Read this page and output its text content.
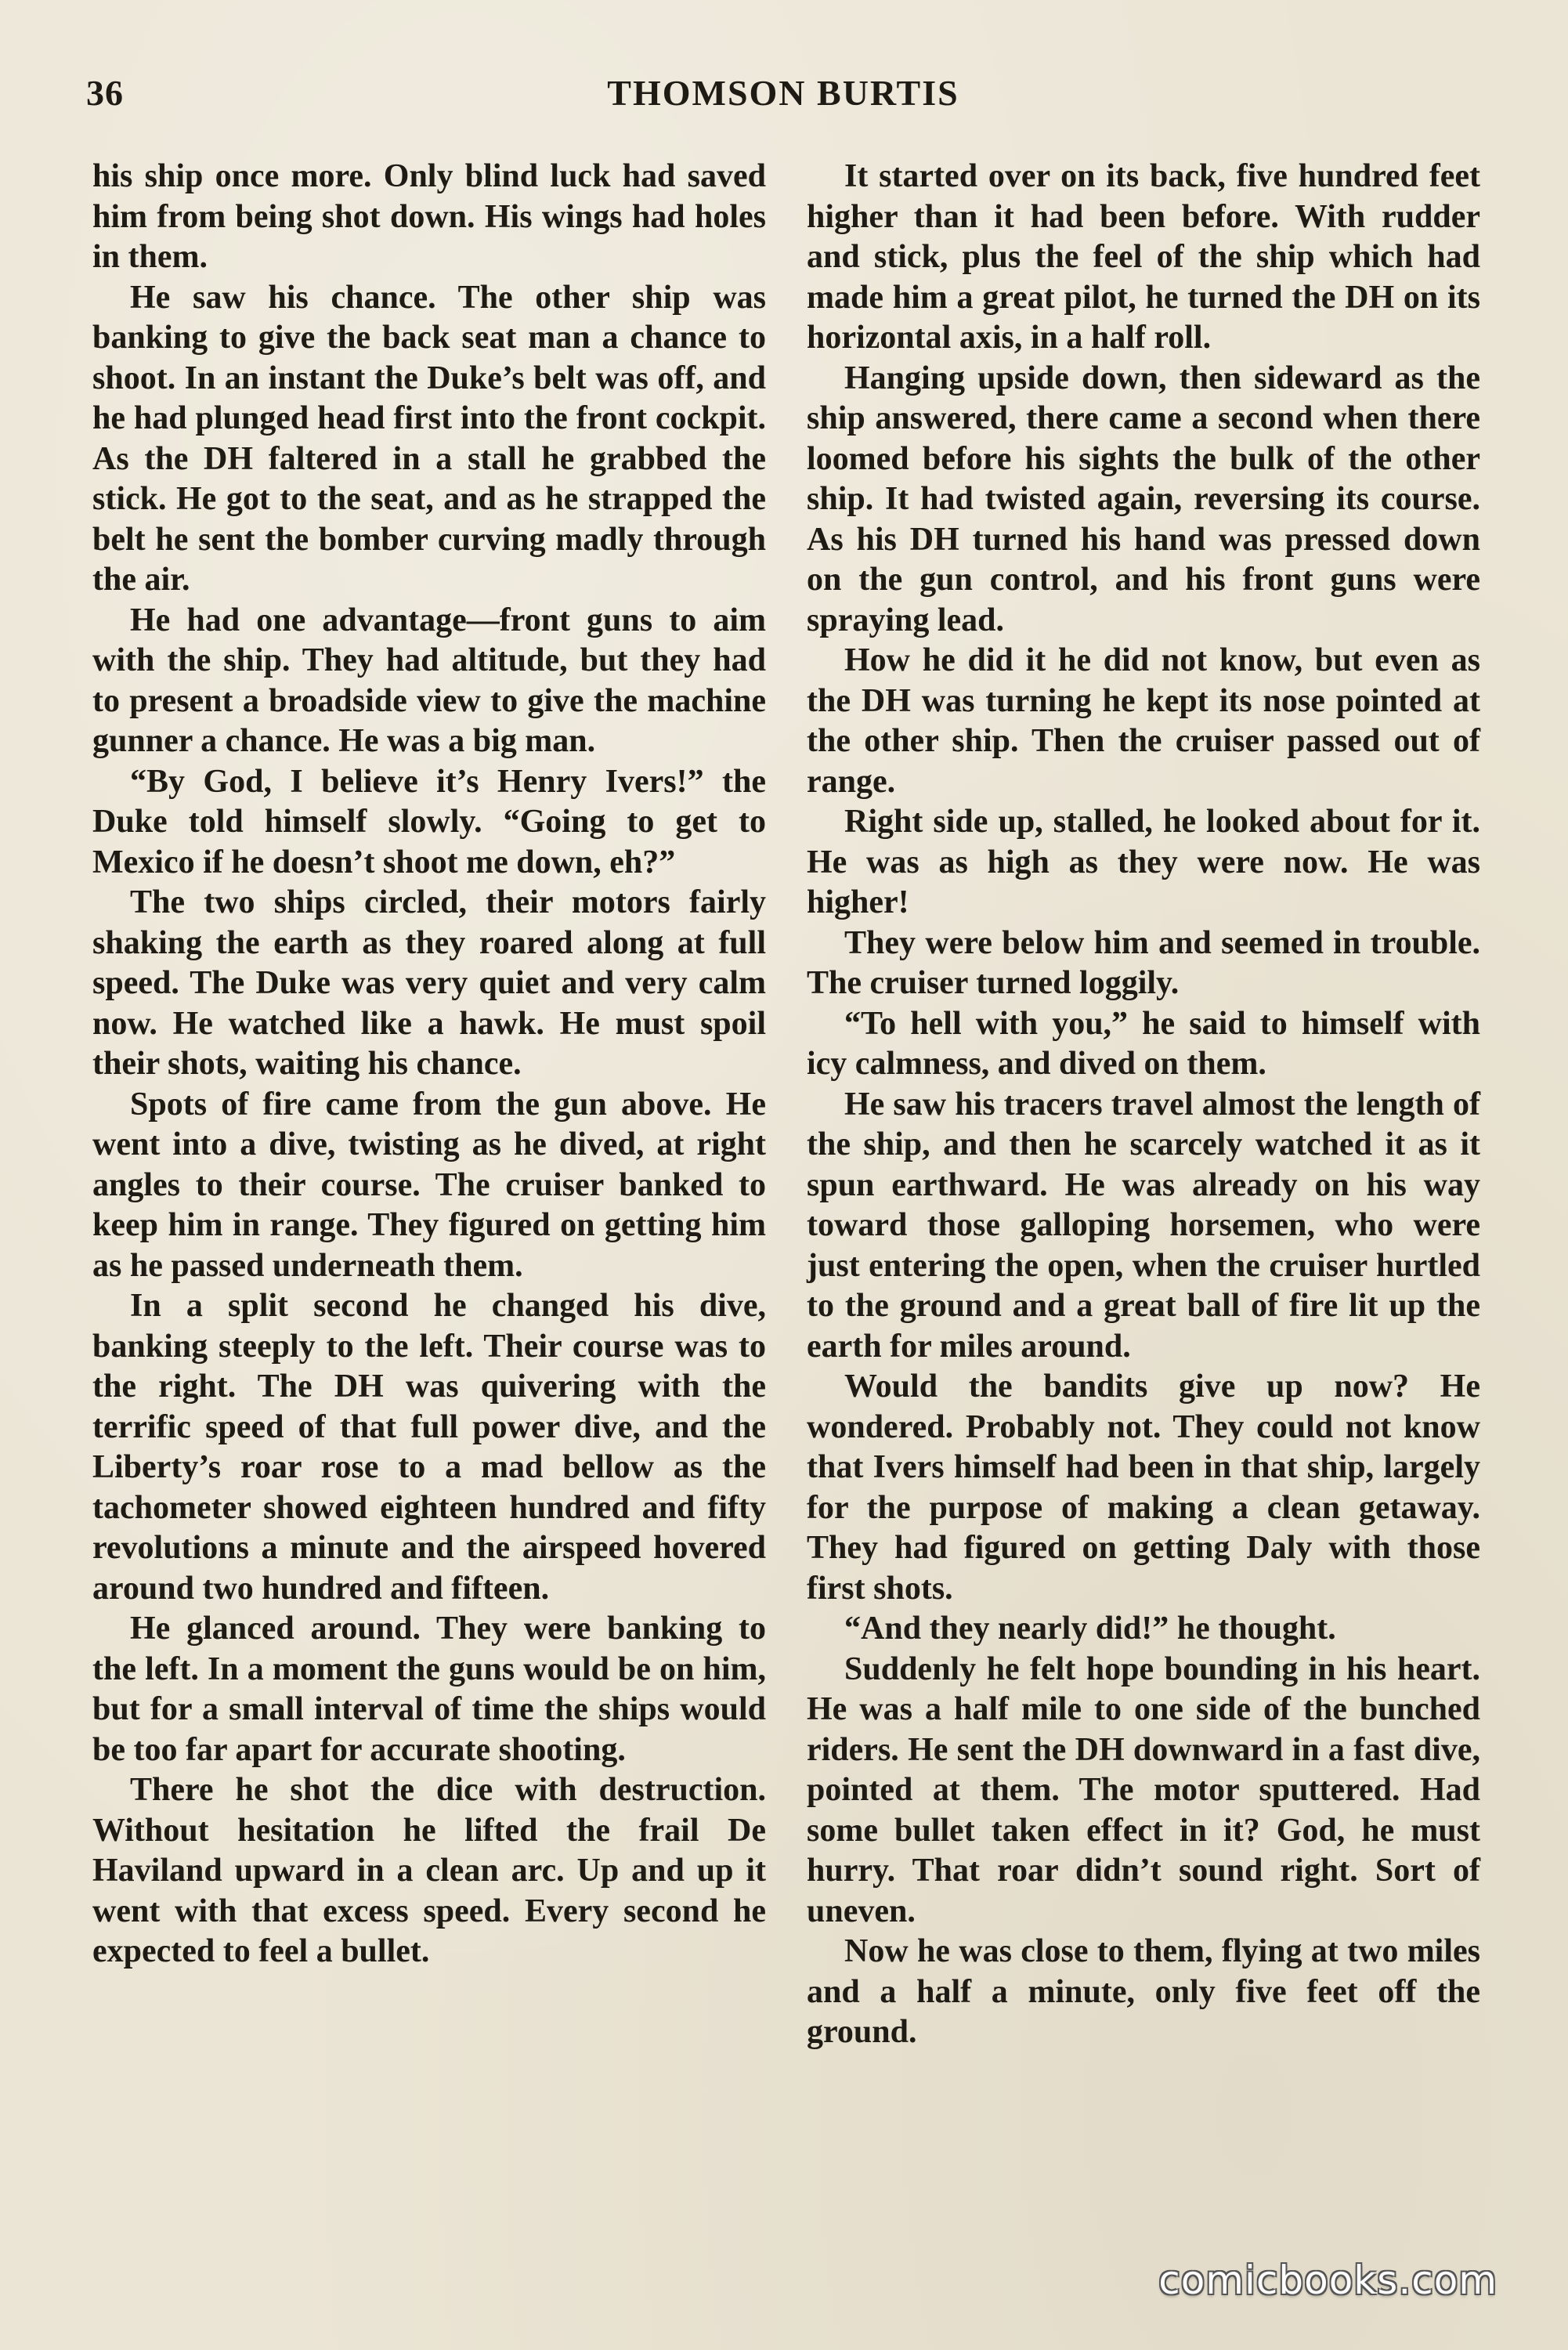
36	THOMSON BURTIS

his ship once more. Only blind luck had saved him from being shot down. His wings had holes in them.

He saw his chance. The other ship was banking to give the back seat man a chance to shoot. In an instant the Duke’s belt was off, and he had plunged head first into the front cockpit. As the DH faltered in a stall he grabbed the stick. He got to the seat, and as he strapped the belt he sent the bomber curving madly through the air.

He had one advantage—front guns to aim with the ship. They had altitude, but they had to present a broadside view to give the machine gunner a chance. He was a big man.

“By God, I believe it’s Henry Ivers!” the Duke told himself slowly. “Going to get to Mexico if he doesn’t shoot me down, eh?”

The two ships circled, their motors fairly shaking the earth as they roared along at full speed. The Duke was very quiet and very calm now. He watched like a hawk. He must spoil their shots, waiting his chance.

Spots of fire came from the gun above. He went into a dive, twisting as he dived, at right angles to their course. The cruiser banked to keep him in range. They figured on getting him as he passed underneath them.

In a split second he changed his dive, banking steeply to the left. Their course was to the right. The DH was quivering with the terrific speed of that full power dive, and the Liberty’s roar rose to a mad bellow as the tachometer showed eighteen hundred and fifty revolutions a minute and the airspeed hovered around two hundred and fifteen.

He glanced around. They were banking to the left. In a moment the guns would be on him, but for a small interval of time the ships would be too far apart for accurate shooting.

There he shot the dice with destruction. Without hesitation he lifted the frail De Haviland upward in a clean arc. Up and up it went with that excess speed. Every second he expected to feel a bullet.

It started over on its back, five hundred feet higher than it had been before. With rudder and stick, plus the feel of the ship which had made him a great pilot, he turned the DH on its horizontal axis, in a half roll.

Hanging upside down, then sideward as the ship answered, there came a second when there loomed before his sights the bulk of the other ship. It had twisted again, reversing its course. As his DH turned his hand was pressed down on the gun control, and his front guns were spraying lead.

How he did it he did not know, but even as the DH was turning he kept its nose pointed at the other ship. Then the cruiser passed out of range.

Right side up, stalled, he looked about for it. He was as high as they were now. He was higher!

They were below him and seemed in trouble. The cruiser turned loggily.

“To hell with you,” he said to himself with icy calmness, and dived on them.

He saw his tracers travel almost the length of the ship, and then he scarcely watched it as it spun earthward. He was already on his way toward those galloping horsemen, who were just entering the open, when the cruiser hurtled to the ground and a great ball of fire lit up the earth for miles around.

Would the bandits give up now? He wondered. Probably not. They could not know that Ivers himself had been in that ship, largely for the purpose of making a clean getaway. They had figured on getting Daly with those first shots.

“And they nearly did!” he thought.

Suddenly he felt hope bounding in his heart. He was a half mile to one side of the bunched riders. He sent the DH downward in a fast dive, pointed at them. The motor sputtered. Had some bullet taken effect in it? God, he must hurry. That roar didn’t sound right. Sort of uneven.

Now he was close to them, flying at two miles and a half a minute, only five feet off the ground.

comicbooks.com
